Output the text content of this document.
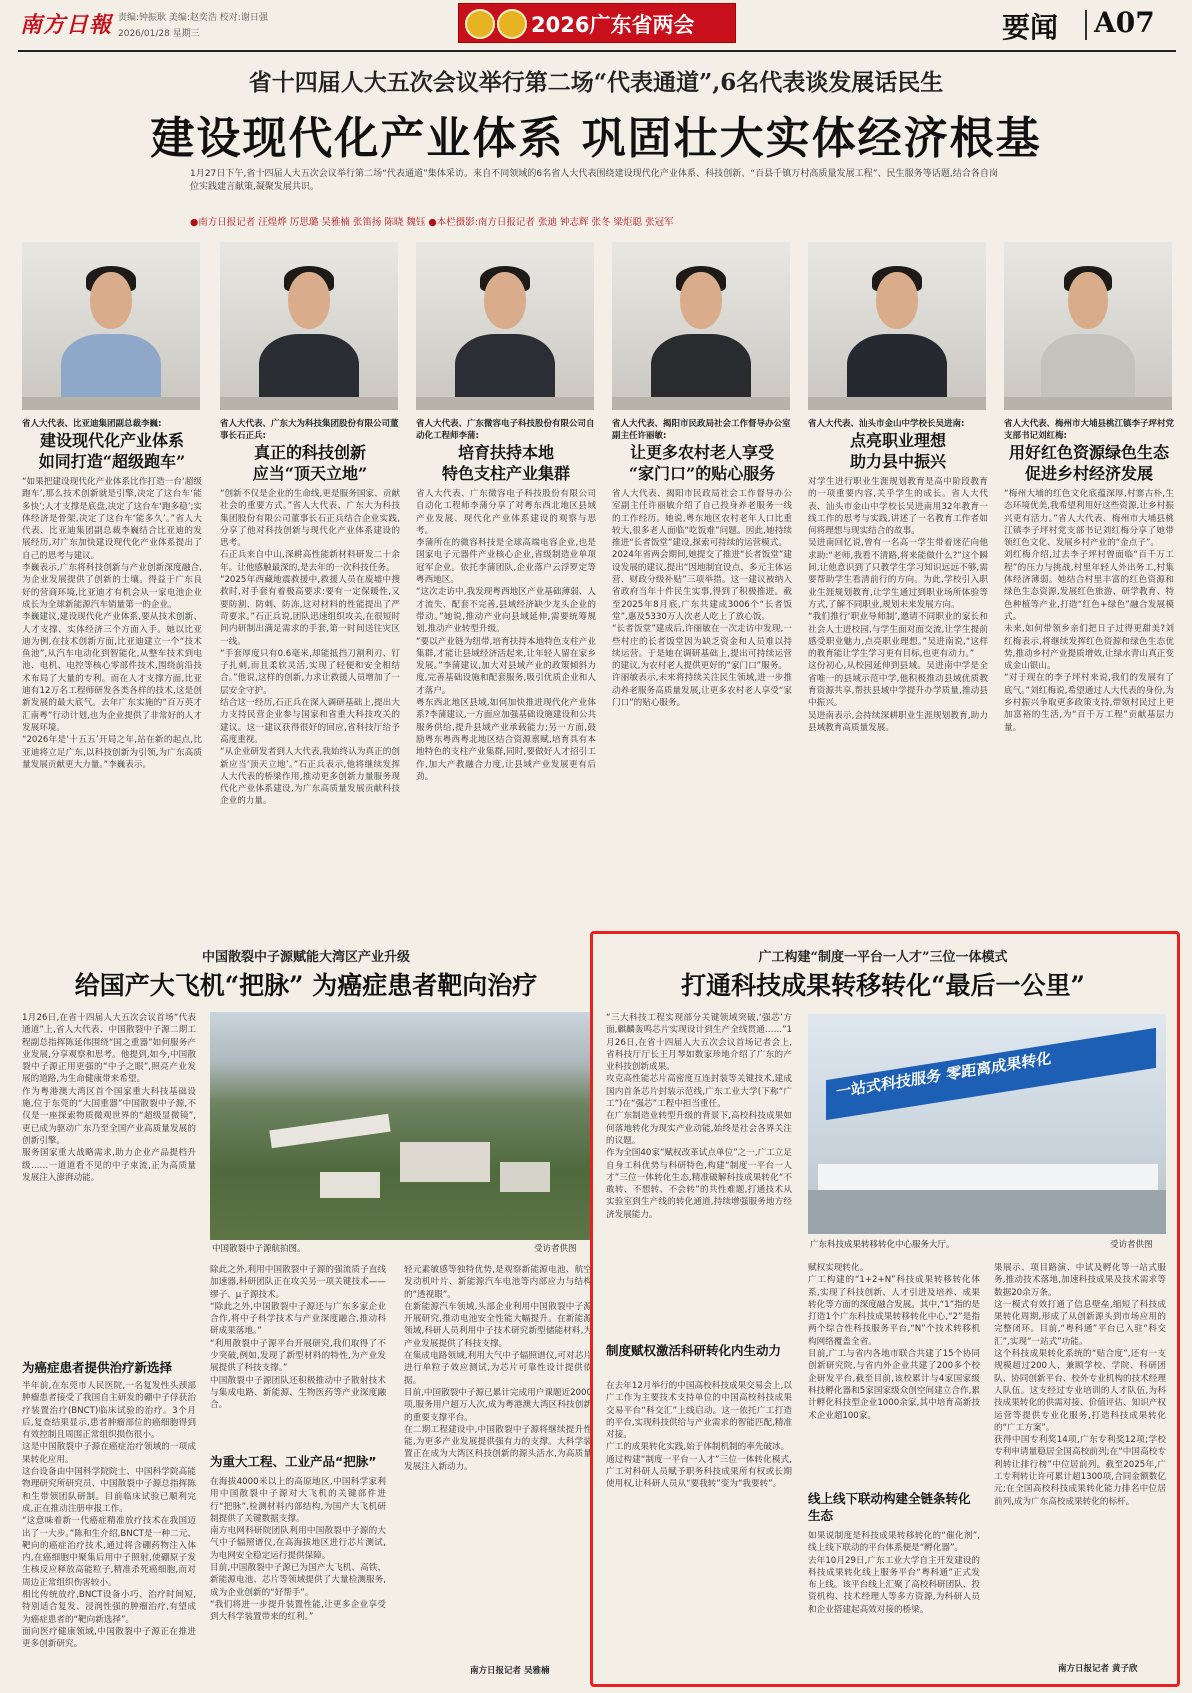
南方日報 责编:钟振耿 美编:赵奕浩 校对:谢日强
2026/01/28 星期三	2026广东省两会	要闻 A07
省十四届人大五次会议举行第二场“代表通道”,6名代表谈发展话民生
建设现代化产业体系 巩固壮大实体经济根基
1月27日下午,省十四届人大五次会议举行第二场“代表通道”集体采访。来自不同领域的6名省人大代表围绕建设现代化产业体系、科技创新、“百县千镇万村高质量发展工程”、民生服务等话题,结合各自岗位实践建言献策,凝聚发展共识。
●南方日报记者 汪煌烨 厉思璐 吴雅楠 张笛扬 陈晓 魏钰 ●本栏摄影:南方日报记者 张迪 钟志辉 张冬 梁炬聪 张冠军
省人大代表、比亚迪集团副总裁李巍:
建设现代化产业体系
如同打造“超级跑车”
“如果把建设现代化产业体系比作打造一台‘超级跑车’,那么技术创新就是引擎,决定了这台车‘能多快’;人才支撑是底盘,决定了这台车‘跑多稳’;实体经济是骨架,决定了这台车‘能多久’。”省人大代表、比亚迪集团副总裁李巍结合比亚迪的发展经历,对广东加快建设现代化产业体系提出了自己的思考与建议。
李巍表示,广东将科技创新与产业创新深度融合,为企业发展提供了创新的土壤。得益于广东良好的营商环境,比亚迪才有机会从一家电池企业成长为全球新能源汽车销量第一的企业。
李巍建议,建设现代化产业体系,要从技术创新、人才支撑、实体经济三个方面入手。她以比亚迪为例,在技术创新方面,比亚迪建立一个“技术鱼池”,从汽车电动化到智能化,从整车技术到电池、电机、电控等核心零部件技术,围绕前沿技术布局了大量的专利。而在人才支撑方面,比亚迪有12万名工程师研发各类各样的技术,这是创新发展的最大底气。去年广东实施的“百万英才汇南粤”行动计划,也为企业提供了非常好的人才发展环境。
“2026年是‘十五五’开局之年,站在新的起点,比亚迪将立足广东,以科技创新为引领,为广东高质量发展贡献更大力量。”李巍表示。
省人大代表、广东大为科技集团股份有限公司董事长石正兵:
真正的科技创新
应当“顶天立地”
“创新不仅是企业的生命线,更是服务国家、贡献社会的重要方式。”省人大代表、广东大为科技集团股份有限公司董事长石正兵结合企业实践,分享了他对科技创新与现代化产业体系建设的思考。
石正兵来自中山,深耕高性能新材料研发二十余年。让他感触最深的,是去年的一次科技任务。
“2025年西藏地震救援中,救援人员在废墟中搜救时,对手套有着极高要求:要有一定保暖性,又要防割、防刺、防冻,这对材料的性能提出了严苛要求。”石正兵说,团队迅速组织攻关,在很短时间内研制出满足需求的手套,第一时间送往灾区一线。
“手套厚度只有0.6毫米,却能抵挡刀割利刃、钉子扎刺,而且柔软灵活,实现了轻便和安全相结合。”他说,这样的创新,力求让救援人员增加了一层安全守护。
结合这一经历,石正兵在深入调研基础上,提出大力支持民营企业参与国家和省重大科技攻关的建议。这一建议获得很好的回应,省科技厅给予高度重视。
“从企业研发者到人大代表,我始终认为真正的创新应当‘顶天立地’。”石正兵表示,他将继续发挥人大代表的桥梁作用,推动更多创新力量服务现代化产业体系建设,为广东高质量发展贡献科技企业的力量。
省人大代表、广东微容电子科技股份有限公司自动化工程师李蒲:
培育扶持本地
特色支柱产业集群
省人大代表、广东微容电子科技股份有限公司自动化工程师李蒲分享了对粤东西北地区县域产业发展、现代化产业体系建设的观察与思考。
李蒲所在的微容科技是全球高端电容企业,也是国家电子元器件产业核心企业,省级制造业单项冠军企业。依托李蒲团队,企业落户云浮罗定等粤西地区。
“这次走访中,我发现粤西地区产业基础薄弱、人才流失、配套不完善,县域经济缺少龙头企业的带动。”她说,推动产业向县域延伸,需要统筹规划,推动产业转型升级。
“要以产业链为纽带,培育扶持本地特色支柱产业集群,才能让县域经济活起来,让年轻人留在家乡发展。”李蒲建议,加大对县域产业的政策倾斜力度,完善基础设施和配套服务,吸引优质企业和人才落户。
粤东西北地区县域,如何加快推进现代化产业体系?李蒲建议,一方面应加强基础设施建设和公共服务供给,提升县域产业承载能力;另一方面,鼓励粤东粤西粤北地区结合资源禀赋,培育具有本地特色的支柱产业集群,同时,要做好人才招引工作,加大产教融合力度,让县域产业发展更有后劲。
省人大代表、揭阳市民政局社会工作督导办公室副主任许丽敏:
让更多农村老人享受
“家门口”的贴心服务
省人大代表、揭阳市民政局社会工作督导办公室副主任许丽敏介绍了自己投身养老服务一线的工作经历。她说,粤东地区农村老年人口比重较大,很多老人面临“吃饭难”问题。因此,她持续推进“长者饭堂”建设,探索可持续的运营模式。
2024年省两会期间,她提交了推进“长者饭堂”建设发展的建议,提出“因地制宜设点、多元主体运营、财政分级补贴”三项举措。这一建议被纳入省政府当年十件民生实事,得到了积极推进。截至2025年8月底,广东共建成3006个“长者饭堂”,惠及5330万人次老人吃上了放心饭。
“长者饭堂”建成后,许丽敏在一次走访中发现,一些村庄的长者饭堂因为缺乏资金和人员难以持续运营。于是她在调研基础上,提出可持续运营的建议,为农村老人提供更好的“家门口”服务。
许丽敏表示,未来将持续关注民生领域,进一步推动养老服务高质量发展,让更多农村老人享受“家门口”的贴心服务。
省人大代表、汕头市金山中学校长吴进南:
点亮职业理想
助力县中振兴
对学生进行职业生涯规划教育是高中阶段教育的一项重要内容,关乎学生的成长。省人大代表、汕头市金山中学校长吴进南用32年教育一线工作的思考与实践,讲述了一名教育工作者如何将理想与现实结合的故事。
吴进南回忆说,曾有一名高一学生带着迷茫向他求助:“老师,我看不清路,将来能做什么?”这个瞬间,让他意识到了只教学生学习知识远远不够,需要帮助学生看清前行的方向。为此,学校引入职业生涯规划教育,让学生通过到职业场所体验等方式,了解不同职业,规划未来发展方向。
“我们推行‘职业导师制’,邀请不同职业的家长和社会人士进校园,与学生面对面交流,让学生提前感受职业魅力,点亮职业理想。”吴进南说,“这样的教育能让学生学习更有目标,也更有动力。”
这份初心,从校园延伸到县域。吴进南中学是全省唯一的县域示范中学,他积极推动县域优质教育资源共享,帮扶县域中学提升办学质量,推动县中振兴。
吴进南表示,会持续深耕职业生涯规划教育,助力县域教育高质量发展。
省人大代表、梅州市大埔县桃江镇李子坪村党支部书记刘红梅:
用好红色资源绿色生态
促进乡村经济发展
“梅州大埔的红色文化底蕴深厚,村寨古朴,生态环境优美,我希望利用好这些资源,让乡村振兴更有活力。”省人大代表、梅州市大埔县桃江镇李子坪村党支部书记刘红梅分享了她带领红色文化、发展乡村产业的“金点子”。
刘红梅介绍,过去李子坪村曾面临“百千万工程”的压力与挑战,村里年轻人外出务工,村集体经济薄弱。她结合村里丰富的红色资源和绿色生态资源,发展红色旅游、研学教育、特色种植等产业,打造“红色+绿色”融合发展模式。
未来,如何带领乡亲们把日子过得更甜美?刘红梅表示,将继续发挥红色资源和绿色生态优势,推动乡村产业提质增效,让绿水青山真正变成金山银山。
“对于现在的李子坪村来说,我们的发展有了底气。”刘红梅说,希望通过人大代表的身份,为乡村振兴争取更多政策支持,带领村民过上更加富裕的生活,为“百千万工程”贡献基层力量。
中国散裂中子源赋能大湾区产业升级
给国产大飞机“把脉” 为癌症患者靶向治疗
1月26日,在省十四届人大五次会议首场“代表通道”上,省人大代表、中国散裂中子源二期工程副总指挥陈延伟围绕“国之重器”如何服务产业发展,分享观察和思考。他提到,如今,中国散裂中子源正用更强的“中子之眼”,照亮产业发展的道路,为生命健康带来希望。
作为粤港澳大湾区首个国家重大科技基础设施,位于东莞的“大国重器”中国散裂中子源,不仅是一座探索物质微观世界的“超级显微镜”,更已成为驱动广东乃至全国产业高质量发展的创新引擎。
服务国家重大战略需求,助力企业产品提档升级……一道道看不见的中子束流,正为高质量发展注入澎湃动能。
为癌症患者提供治疗新选择
半年前,在东莞市人民医院,一名复发性头颈部肿瘤患者接受了我国自主研发的硼中子俘获治疗装置治疗(BNCT)临床试验的治疗。3个月后,复查结果显示,患者肿瘤部位的癌细胞得到有效控制且周围正常组织损伤很小。
这是中国散裂中子源在癌症治疗领域的一项成果转化应用。
这台设备由中国科学院院士、中国科学院高能物理研究所研究员、中国散裂中子源总指挥陈和生带领团队研制。目前临床试验已顺利完成,正在推动注册申报工作。
“这意味着新一代癌症精准放疗技术在我国迈出了一大步。”陈和生介绍,BNCT是一种二元、靶向的癌症治疗技术,通过将含硼药物注入体内,在癌细胞中聚集后用中子照射,使硼原子发生核反应释放高能粒子,精准杀死癌细胞,而对周边正常组织伤害较小。
相比传统放疗,BNCT设备小巧、治疗时间短,特别适合复发、浸润性强的肿瘤治疗,有望成为癌症患者的“靶向新选择”。
面向医疗健康领域,中国散裂中子源正在推进更多创新研究。
中国散裂中子源航拍图。	受访者供图
除此之外,利用中国散裂中子源的强流质子直线加速器,科研团队正在攻关另一项关键技术——缪子、μ子源技术。
“除此之外,中国散裂中子源还与广东多家企业合作,将中子科学技术与产业深度融合,推动科研成果落地。”
“利用散裂中子源平台开展研究,我们取得了不少突破,例如,发现了新型材料的特性,为产业发展提供了科技支撑。”
中国散裂中子源团队还积极推动中子散射技术与集成电路、新能源、生物医药等产业深度融合。
为重大工程、工业产品“把脉”
在海拔4000米以上的高原地区,中国科学家利用中国散裂中子源对大飞机的关键部件进行“把脉”,检测材料内部结构,为国产大飞机研制提供了关键数据支撑。
南方电网科研院团队利用中国散裂中子源的大气中子辐照谱仪,在高海拔地区进行芯片测试,为电网安全稳定运行提供保障。
目前,中国散裂中子源已为国产大飞机、高铁、新能源电池、芯片等领域提供了大量检测服务,成为企业创新的“好帮手”。
“我们将进一步提升装置性能,让更多企业享受到大科学装置带来的红利。”
轻元素敏感等独特优势,是观察新能源电池、航空发动机叶片、新能源汽车电池等内部应力与结构的“透视眼”。
在新能源汽车领域,头部企业利用中国散裂中子源开展研究,推动电池安全性能大幅提升。在新能源领域,科研人员利用中子技术研究新型储能材料,为产业发展提供了科技支撑。
在集成电路领域,利用大气中子辐照谱仪,可对芯片进行单粒子效应测试,为芯片可靠性设计提供依据。
目前,中国散裂中子源已累计完成用户课题近2000项,服务用户超万人次,成为粤港澳大湾区科技创新的重要支撑平台。
在二期工程建设中,中国散裂中子源将继续提升性能,为更多产业发展提供强有力的支撑。大科学装置正在成为大湾区科技创新的源头活水,为高质量发展注入新动力。
南方日报记者 吴雅楠
广工构建“制度一平台一人才”三位一体模式
打通科技成果转移转化“最后一公里”
“三大科技工程实现部分关键领域突破,‘强芯’方面,麒麟轰鸣芯片实现设计到生产全线贯通……”1月26日,在省十四届人大五次会议首场记者会上,省科技厅厅长王月琴如数家珍地介绍了广东的产业科技创新成果。
攻克高性能芯片高密度互连封装等关键技术,建成国内首条芯片封装示范线,广东工业大学(下称“广工”)在“强芯”工程中担当重任。
在广东制造业转型升级的背景下,高校科技成果如何落地转化为现实产业动能,始终是社会各界关注的议题。
作为全国40家“赋权改革试点单位”之一,广工立足自身工科优势与科研特色,构建“制度一平台一人才”三位一体转化生态,精准破解科技成果转化“不敢转、不想转、不会转”的共性难题,打通技术从实验室到生产线的转化通道,持续增强服务地方经济发展能力。
制度赋权激活科研转化内生动力
在去年12月举行的中国高校科技成果交易会上,以广工作为主要技术支持单位的中国高校科技成果交易平台“科交汇”上线启动。这一依托广工打造的平台,实现科技供给与产业需求的智能匹配,精准对接。
广工的成果转化实践,始于体制机制的率先破冰。
通过构建“制度一平台一人才”三位一体转化模式,广工对科研人员赋予职务科技成果所有权或长期使用权,让科研人员从“要我转”变为“我要转”。
一站式科技服务 零距离成果转化
广东科技成果转移转化中心服务大厅。	受访者供图
赋权实现转化。
广工构建的“1+2+N”科技成果转移转化体系,实现了科技创新、人才引进及培养、成果转化等方面的深度融合发展。其中,“1”指的是打造1个广东科技成果转移转化中心,“2”是指两个综合性科技服务平台,“N”个技术转移机构网络覆盖全省。
目前,广工与省内各地市联合共建了15个协同创新研究院,与省内外企业共建了200多个校企研发平台,截至目前,该校累计与4家国家级科技孵化器和5家国家级众创空间建立合作,累计孵化科技型企业1000余家,其中培育高新技术企业超100家。
线上线下联动构建全链条转化生态
如果说制度是科技成果转移转化的“催化剂”,线上线下联动的平台体系便是“孵化器”。
去年10月29日,广东工业大学自主开发建设的科技成果转化线上服务平台“粤科通”正式发布上线。该平台线上汇聚了高校科研团队、投资机构、技术经理人等多方资源,为科研人员和企业搭建起高效对接的桥梁。
果展示、项目路演、中试及孵化等一站式服务,推动技术落地,加速科技成果及技术需求等数据20余万条。
这一模式有效打通了信息壁垒,缩短了科技成果转化周期,形成了从创新源头到市场应用的完整闭环。目前,“粤科通”平台已入驻“科交汇”,实现“一站式”功能。
这个科技成果转化系统的“贴合度”,还有一支规模超过200人、兼顾学校、学院、科研团队、协同创新平台、校外专业机构的技术经理人队伍。这支经过专业培训的人才队伍,为科技成果转化的供需对接、价值评估、知识产权运营等提供专业化服务,打造科技成果转化的“广工方案”。
获得中国专利奖14项,广东专利奖12项;学校专利申请量稳居全国高校前列;在“中国高校专利转让排行榜”中位居前列。截至2025年,广工专利转让许可累计超1300项,合同金额数亿元;在全国高校科技成果转化能力排名中位居前列,成为广东高校成果转化的标杆。
南方日报记者 黄子欣
